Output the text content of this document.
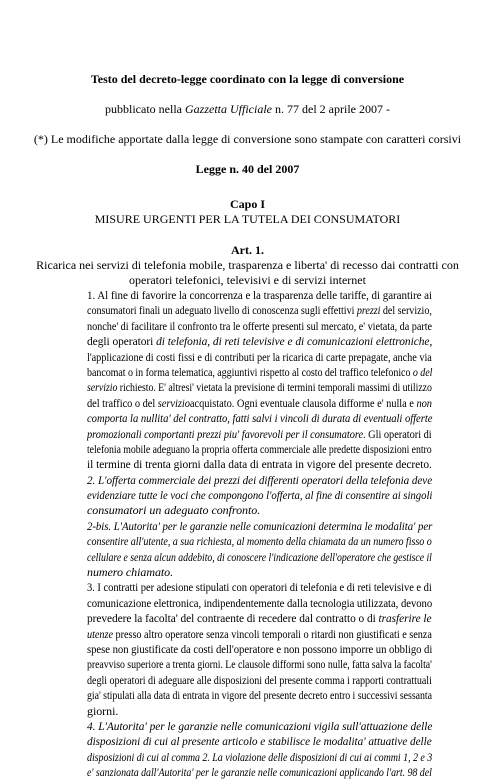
Testo del decreto-legge coordinato con la legge di conversione
pubblicato nella Gazzetta Ufficiale n. 77 del 2 aprile 2007 -
(*) Le modifiche apportate dalla legge di conversione sono stampate con caratteri corsivi
Legge n. 40 del 2007
Capo I
MISURE URGENTI PER LA TUTELA DEI CONSUMATORI
Art. 1.
Ricarica nei servizi di telefonia mobile, trasparenza e liberta' di recesso dai contratti con
operatori telefonici, televisivi e di servizi internet
1. Al fine di favorire la concorrenza e la trasparenza delle tariffe, di garantire ai
consumatori finali un adeguato livello di conoscenza sugli effettivi prezzi del servizio,
nonche' di facilitare il confronto tra le offerte presenti sul mercato, e' vietata, da parte
degli operatori di telefonia, di reti televisive e di comunicazioni elettroniche,
l'applicazione di costi fissi e di contributi per la ricarica di carte prepagate, anche via
bancomat o in forma telematica, aggiuntivi rispetto al costo del traffico telefonico o del
servizio richiesto. E' altresi' vietata la previsione di termini temporali massimi di utilizzo
del traffico o del servizioacquistato. Ogni eventuale clausola difforme e' nulla e non
comporta la nullita' del contratto, fatti salvi i vincoli di durata di eventuali offerte
promozionali comportanti prezzi piu' favorevoli per il consumatore. Gli operatori di
telefonia mobile adeguano la propria offerta commerciale alle predette disposizioni entro
il termine di trenta giorni dalla data di entrata in vigore del presente decreto.
2. L'offerta commerciale dei prezzi dei differenti operatori della telefonia deve
evidenziare tutte le voci che compongono l'offerta, al fine di consentire ai singoli
consumatori un adeguato confronto.
2-bis. L'Autorita' per le garanzie nelle comunicazioni determina le modalita' per
consentire all'utente, a sua richiesta, al momento della chiamata da un numero fisso o
cellulare e senza alcun addebito, di conoscere l'indicazione dell'operatore che gestisce il
numero chiamato.
3. I contratti per adesione stipulati con operatori di telefonia e di reti televisive e di
comunicazione elettronica, indipendentemente dalla tecnologia utilizzata, devono
prevedere la facolta' del contraente di recedere dal contratto o di trasferire le
utenze presso altro operatore senza vincoli temporali o ritardi non giustificati e senza
spese non giustificate da costi dell'operatore e non possono imporre un obbligo di
preavviso superiore a trenta giorni. Le clausole difformi sono nulle, fatta salva la facolta'
degli operatori di adeguare alle disposizioni del presente comma i rapporti contrattuali
gia' stipulati alla data di entrata in vigore del presente decreto entro i successivi sessanta
giorni.
4. L'Autorita' per le garanzie nelle comunicazioni vigila sull'attuazione delle
disposizioni di cui al presente articolo e stabilisce le modalita' attuative delle
disposizioni di cui al comma 2. La violazione delle disposizioni di cui ai commi 1, 2 e 3
e' sanzionata dall'Autorita' per le garanzie nelle comunicazioni applicando l'art. 98 del
